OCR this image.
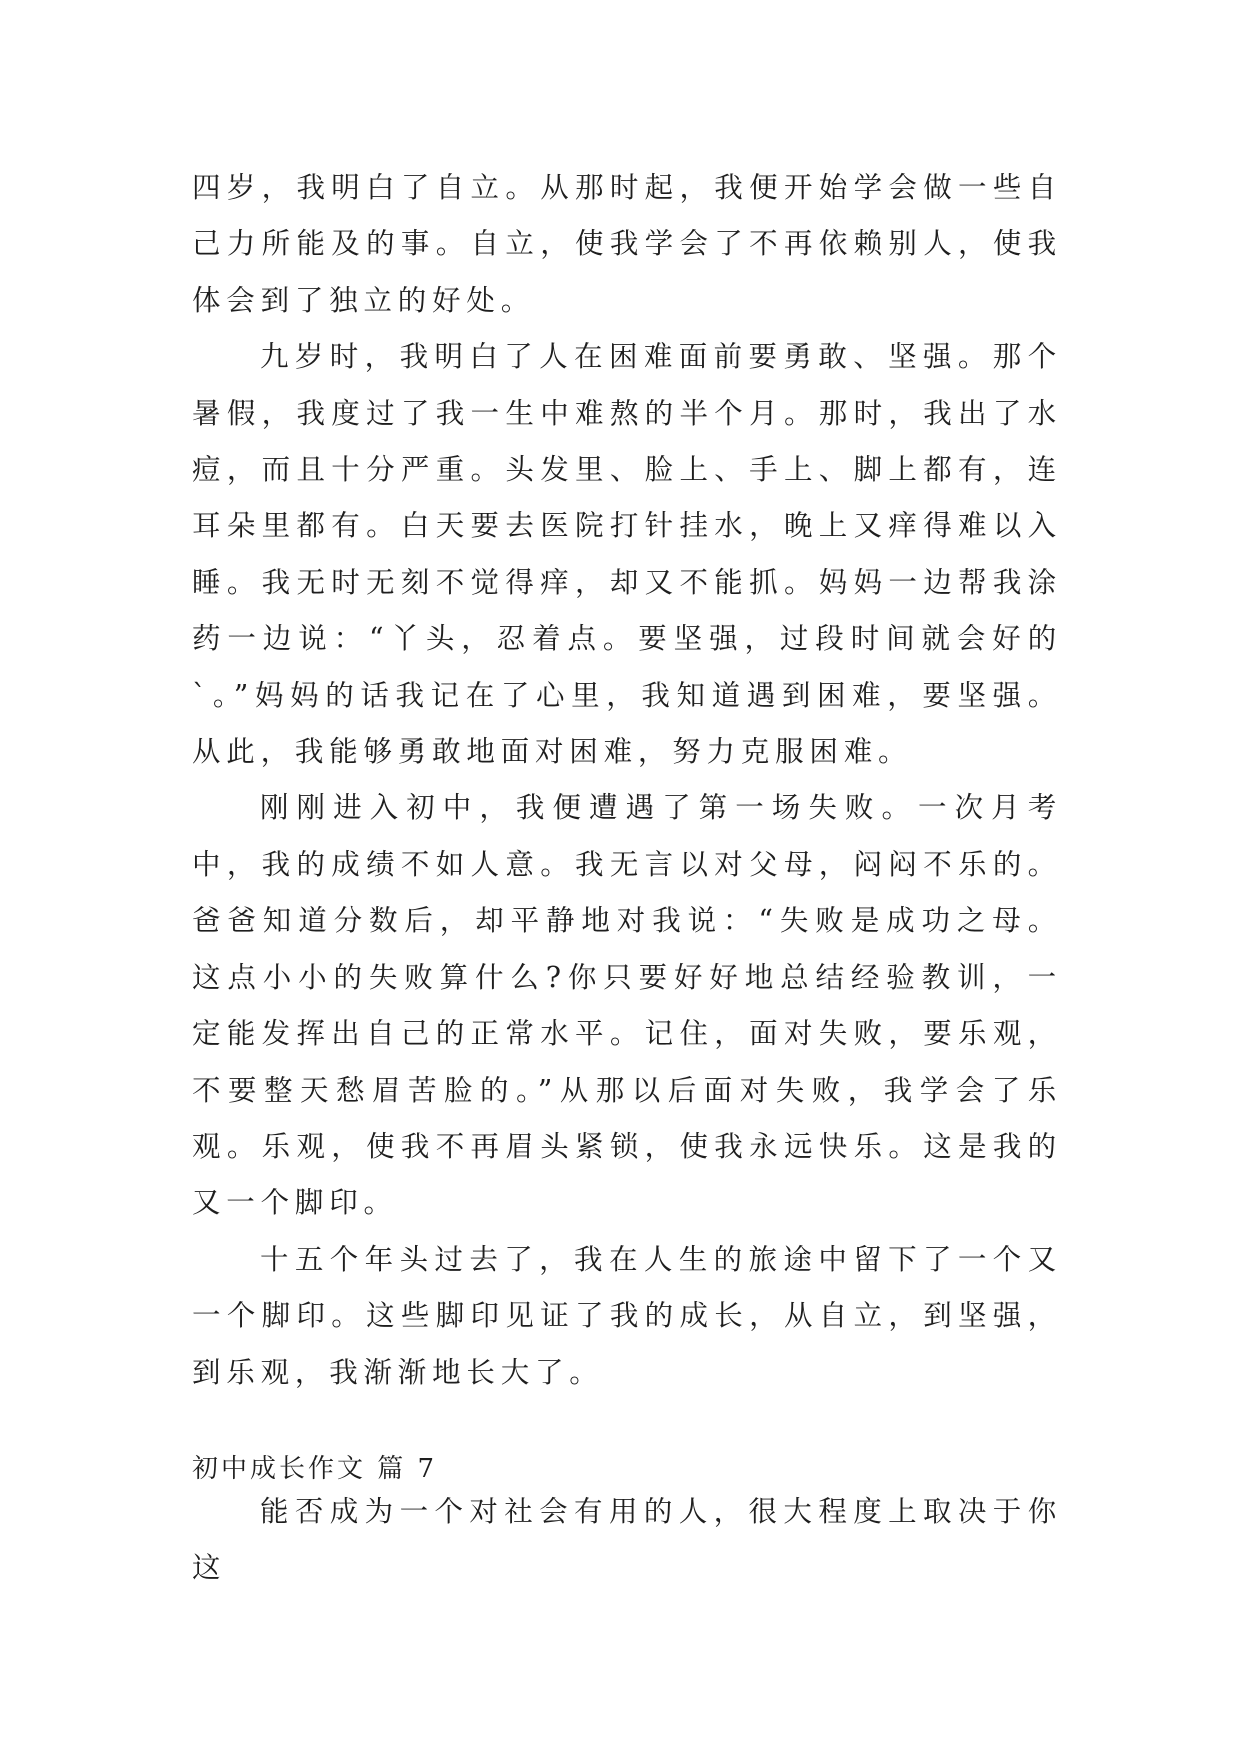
四岁，我明白了自立。从那时起，我便开始学会做一些自己力所能及的事。自立，使我学会了不再依赖别人，使我体会到了独立的好处。

九岁时，我明白了人在困难面前要勇敢、坚强。那个暑假，我度过了我一生中难熬的半个月。那时，我出了水痘，而且十分严重。头发里、脸上、手上、脚上都有，连耳朵里都有。白天要去医院打针挂水，晚上又痒得难以入睡。我无时无刻不觉得痒，却又不能抓。妈妈一边帮我涂药一边说：“丫头，忍着点。要坚强，过段时间就会好的`。”妈妈的话我记在了心里，我知道遇到困难，要坚强。从此，我能够勇敢地面对困难，努力克服困难。

刚刚进入初中，我便遭遇了第一场失败。一次月考中，我的成绩不如人意。我无言以对父母，闷闷不乐的。爸爸知道分数后，却平静地对我说：“失败是成功之母。这点小小的失败算什么?你只要好好地总结经验教训，一定能发挥出自己的正常水平。记住，面对失败，要乐观，不要整天愁眉苦脸的。”从那以后面对失败，我学会了乐观。乐观，使我不再眉头紧锁，使我永远快乐。这是我的又一个脚印。

十五个年头过去了，我在人生的旅途中留下了一个又一个脚印。这些脚印见证了我的成长，从自立，到坚强，到乐观，我渐渐地长大了。

初中成长作文 篇 7

能否成为一个对社会有用的人，很大程度上取决于你这
